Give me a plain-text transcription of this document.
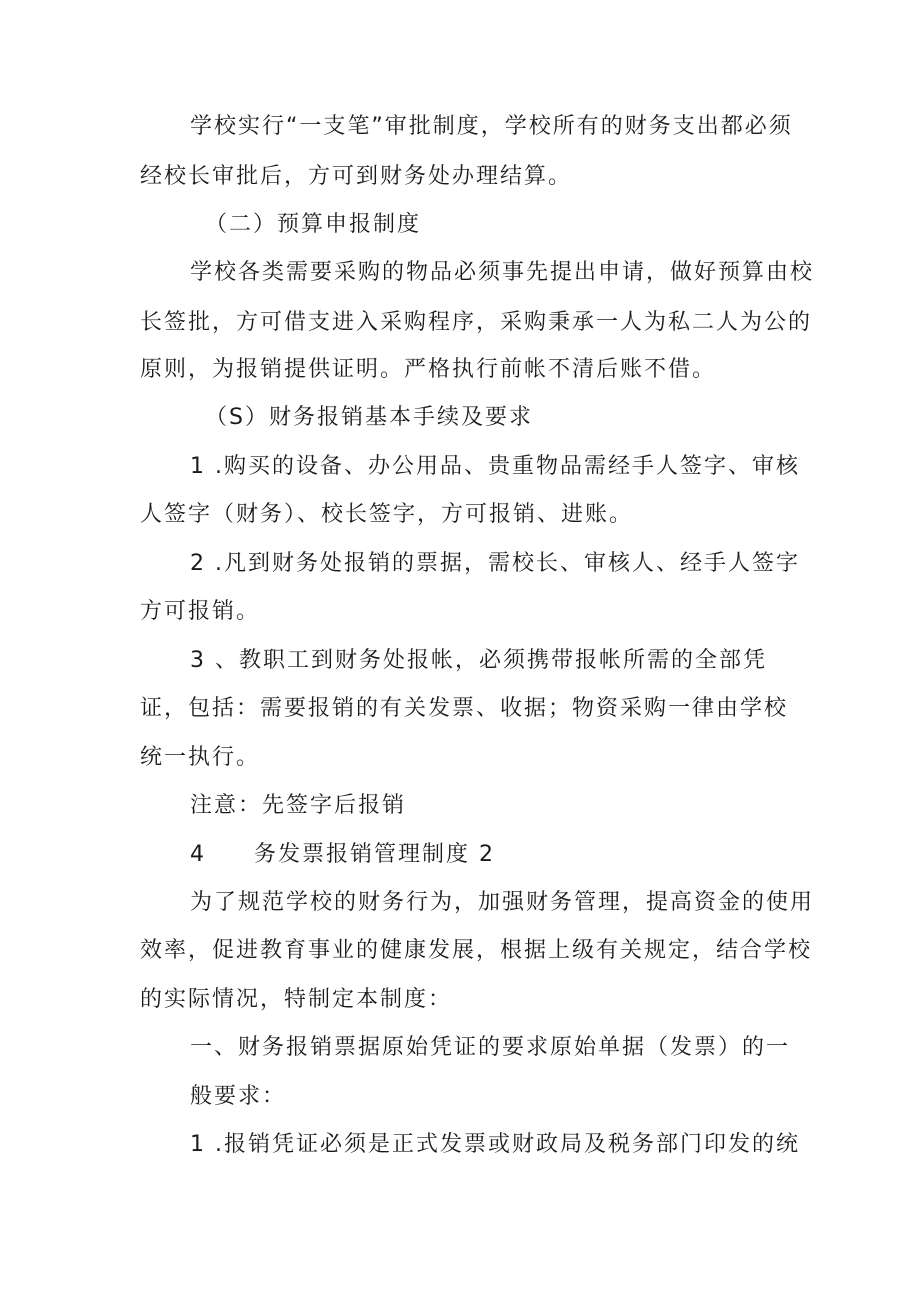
学校实行“一支笔”审批制度，学校所有的财务支出都必须
经校长审批后，方可到财务处办理结算。
（二）预算申报制度
学校各类需要采购的物品必须事先提出申请，做好预算由校
长签批，方可借支进入采购程序，采购秉承一人为私二人为公的
原则，为报销提供证明。严格执行前帐不清后账不借。
（S）财务报销基本手续及要求
1 .购买的设备、办公用品、贵重物品需经手人签字、审核
人签字（财务）、校长签字，方可报销、进账。
2 .凡到财务处报销的票据，需校长、审核人、经手人签字
方可报销。
3 、教职工到财务处报帐，必须携带报帐所需的全部凭
证，包括：需要报销的有关发票、收据；物资采购一律由学校
统一执行。
注意：先签字后报销
4　　务发票报销管理制度 2
为了规范学校的财务行为，加强财务管理，提高资金的使用
效率，促进教育事业的健康发展，根据上级有关规定，结合学校
的实际情况，特制定本制度：
一、财务报销票据原始凭证的要求原始单据（发票）的一
般要求：
1 .报销凭证必须是正式发票或财政局及税务部门印发的统
